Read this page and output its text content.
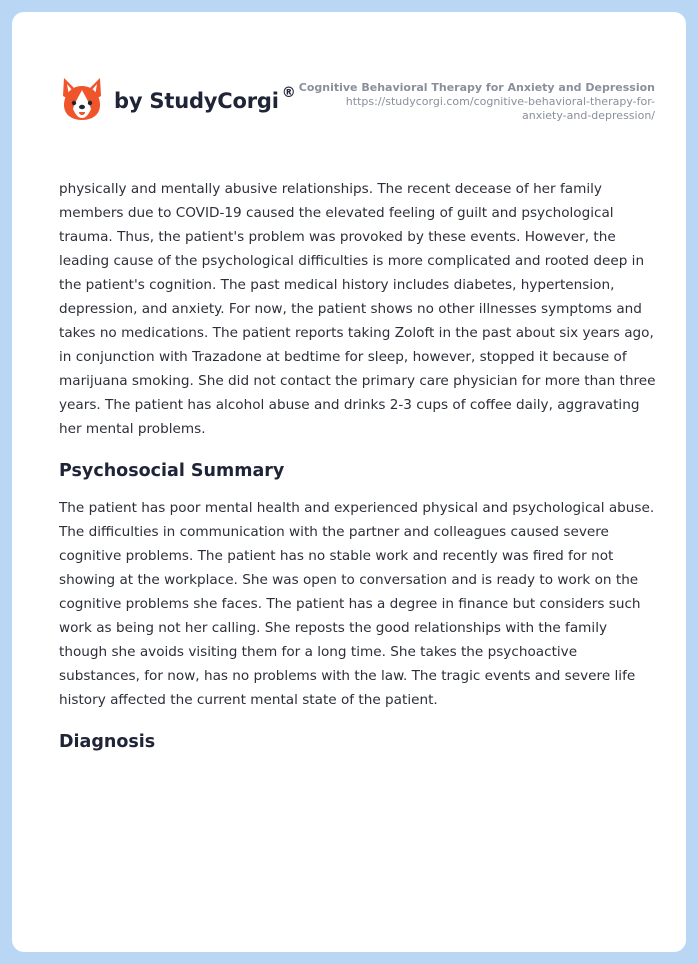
by StudyCorgi ® Cognitive Behavioral Therapy for Anxiety and Depression
https://studycorgi.com/cognitive-behavioral-therapy-for-
anxiety-and-depression/

physically and mentally abusive relationships. The recent decease of her family members due to COVID-19 caused the elevated feeling of guilt and psychological trauma. Thus, the patient's problem was provoked by these events. However, the leading cause of the psychological difficulties is more complicated and rooted deep in the patient's cognition. The past medical history includes diabetes, hypertension, depression, and anxiety. For now, the patient shows no other illnesses symptoms and takes no medications. The patient reports taking Zoloft in the past about six years ago, in conjunction with Trazadone at bedtime for sleep, however, stopped it because of marijuana smoking. She did not contact the primary care physician for more than three years. The patient has alcohol abuse and drinks 2-3 cups of coffee daily, aggravating her mental problems.

Psychosocial Summary

The patient has poor mental health and experienced physical and psychological abuse. The difficulties in communication with the partner and colleagues caused severe cognitive problems. The patient has no stable work and recently was fired for not showing at the workplace. She was open to conversation and is ready to work on the cognitive problems she faces. The patient has a degree in finance but considers such work as being not her calling. She reposts the good relationships with the family though she avoids visiting them for a long time. She takes the psychoactive substances, for now, has no problems with the law. The tragic events and severe life history affected the current mental state of the patient.

Diagnosis
